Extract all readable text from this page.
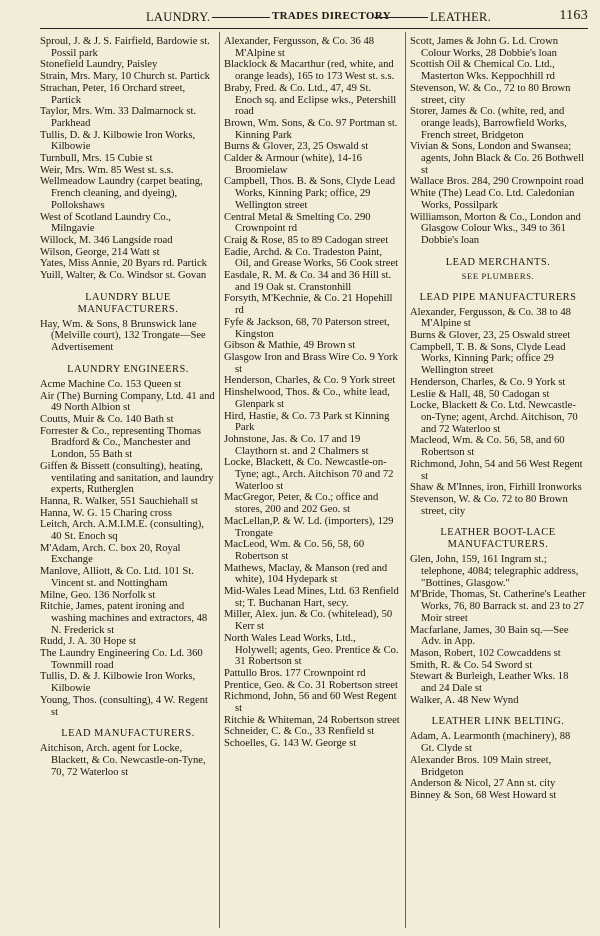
LAUNDRY.	TRADES DIRECTORY	LEATHER.	1163
Sproul, J. & J. S. Fairfield, Bardowie st. Possil park
Stonefield Laundry, Paisley
Strain, Mrs. Mary, 10 Church st. Partick
Strachan, Peter, 16 Orchard street, Partick
Taylor, Mrs. Wm. 33 Dalmarnock st. Parkhead
Tullis, D. & J. Kilbowie Iron Works, Kilbowie
Turnbull, Mrs. 15 Cubie st
Weir, Mrs. Wm. 85 West st. s.s.
Wellmeadow Laundry (carpet beating, French cleaning, and dyeing), Pollokshaws
West of Scotland Laundry Co., Milngavie
Willock, M. 346 Langside road
Wilson, George, 214 Watt st
Yates, Miss Annie, 20 Byars rd. Partick
Yuill, Walter, & Co. Windsor st. Govan
LAUNDRY BLUE MANUFACTURERS.
Hay, Wm. & Sons, 8 Brunswick lane (Melville court), 132 Trongate—See Advertisement
LAUNDRY ENGINEERS.
Acme Machine Co. 153 Queen st
Air (The) Burning Company, Ltd. 41 and 49 North Albion st
Coutts, Muir & Co. 140 Bath st
Forrester & Co., representing Thomas Bradford & Co., Manchester and London, 55 Bath st
Giffen & Bissett (consulting), heating, ventilating and sanitation, and laundry experts, Rutherglen
Hanna, R. Walker, 551 Sauchiehall st
Hanna, W. G. 15 Charing cross
Leitch, Arch. A.M.I.M.E. (consulting), 40 St. Enoch sq
M'Adam, Arch. C. box 20, Royal Exchange
Manlove, Alliott, & Co. Ltd. 101 St. Vincent st. and Nottingham
Milne, Geo. 136 Norfolk st
Ritchie, James, patent ironing and washing machines and extractors, 48 N. Frederick st
Rudd, J. A. 30 Hope st
The Laundry Engineering Co. Ld. 360 Townmill road
Tullis, D. & J. Kilbowie Iron Works, Kilbowie
Young, Thos. (consulting), 4 W. Regent st
LEAD MANUFACTURERS.
Aitchison, Arch. agent for Locke, Blackett, & Co. Newcastle-on-Tyne, 70, 72 Waterloo st
Alexander, Fergusson, & Co. 36 48 M'Alpine st
Blacklock & Macarthur (red, white, and orange leads), 165 to 173 West st. s.s.
Braby, Fred. & Co. Ltd., 47, 49 St. Enoch sq. and Eclipse wks., Petershill road
Brown, Wm. Sons, & Co. 97 Portman st. Kinning Park
Burns & Glover, 23, 25 Oswald st
Calder & Armour (white), 14-16 Broomielaw
Campbell, Thos. B. & Sons, Clyde Lead Works, Kinning Park; office, 29 Wellington street
Central Metal & Smelting Co. 290 Crownpoint rd
Craig & Rose, 85 to 89 Cadogan street
Eadie, Archd. & Co. Tradeston Paint, Oil, and Grease Works, 56 Cook street
Easdale, R. M. & Co. 34 and 36 Hill st. and 19 Oak st. Cranstonhill
Forsyth, M'Kechnie, & Co. 21 Hopehill rd
Fyfe & Jackson, 68, 70 Paterson street, Kingston
Gibson & Mathie, 49 Brown st
Glasgow Iron and Brass Wire Co. 9 York st
Henderson, Charles, & Co. 9 York street
Hinshelwood, Thos. & Co., white lead, Glenpark st
Hird, Hastie, & Co. 73 Park st Kinning Park
Johnstone, Jas. & Co. 17 and 19 Claythorn st. and 2 Chalmers st
Locke, Blackett, & Co. Newcastle-on-Tyne; agt., Arch. Aitchison 70 and 72 Waterloo st
MacGregor, Peter, & Co.; office and stores, 200 and 202 Geo. st
MacLellan,P. & W. Ld. (importers), 129 Trongate
MacLeod, Wm. & Co. 56, 58, 60 Robertson st
Mathews, Maclay, & Manson (red and white), 104 Hydepark st
Mid-Wales Lead Mines, Ltd. 63 Renfield st; T. Buchanan Hart, secy.
Miller, Alex. jun. & Co. (whitelead), 50 Kerr st
North Wales Lead Works, Ltd., Holywell; agents, Geo. Prentice & Co. 31 Robertson st
Pattullo Bros. 177 Crownpoint rd
Prentice, Geo. & Co. 31 Robertson street
Richmond, John, 56 and 60 West Regent st
Ritchie & Whiteman, 24 Robertson street
Schneider, C. & Co., 33 Renfield st
Schoelles, G. 143 W. George st
Scott, James & John G. Ld. Crown Colour Works, 28 Dobbie's loan
Scottish Oil & Chemical Co. Ltd., Masterton Wks. Keppochhill rd
Stevenson, W. & Co., 72 to 80 Brown street, city
Storer, James & Co. (white, red, and orange leads), Barrowfield Works, French street, Bridgeton
Vivian & Sons, London and Swansea; agents, John Black & Co. 26 Bothwell st
Wallace Bros. 284, 290 Crownpoint road
White (The) Lead Co. Ltd. Caledonian Works, Possilpark
Williamson, Morton & Co., London and Glasgow Colour Wks., 349 to 361 Dobbie's loan
LEAD MERCHANTS.
SEE PLUMBERS.
LEAD PIPE MANUFACTURERS
Alexander, Fergusson, & Co. 38 to 48 M'Alpine st
Burns & Glover, 23, 25 Oswald street
Campbell, T. B. & Sons, Clyde Lead Works, Kinning Park; office 29 Wellington street
Henderson, Charles, & Co. 9 York st
Leslie & Hall, 48, 50 Cadogan st
Locke, Blackett & Co. Ltd. Newcastle-on-Tyne; agent, Archd. Aitchison, 70 and 72 Waterloo st
Macleod, Wm. & Co. 56, 58, and 60 Robertson st
Richmond, John, 54 and 56 West Regent st
Shaw & M'Innes, iron, Firhill Ironworks
Stevenson, W. & Co. 72 to 80 Brown street, city
LEATHER BOOT-LACE MANUFACTURERS.
Glen, John, 159, 161 Ingram st.; telephone, 4084; telegraphic address, "Bottines, Glasgow."
M'Bride, Thomas, St. Catherine's Leather Works, 76, 80 Barrack st. and 23 to 27 Moir street
Macfarlane, James, 30 Bain sq.—See Adv. in App.
Mason, Robert, 102 Cowcaddens st
Smith, R. & Co. 54 Sword st
Stewart & Burleigh, Leather Wks. 18 and 24 Dale st
Walker, A. 48 New Wynd
LEATHER LINK BELTING.
Adam, A. Learmonth (machinery), 88 Gt. Clyde st
Alexander Bros. 109 Main street, Bridgeton
Anderson & Nicol, 27 Ann st. city
Binney & Son, 68 West Howard st
